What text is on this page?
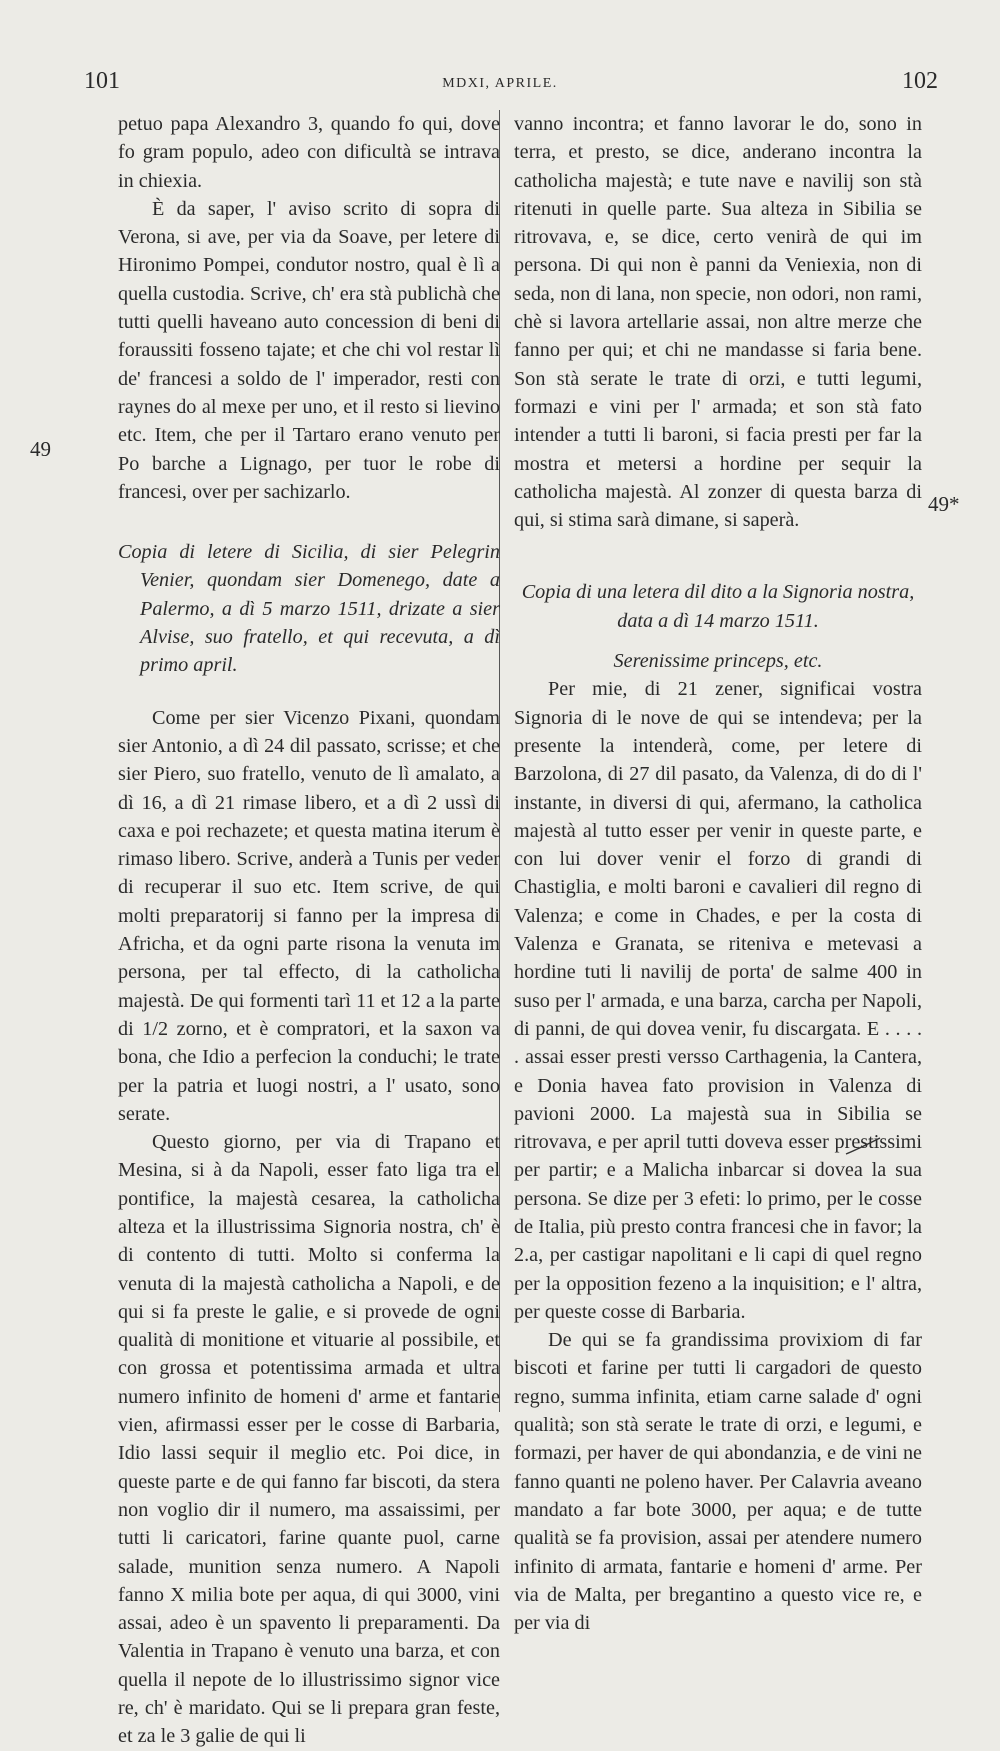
101	MDXI, APRILE.	102
49
49*

petuo papa Alexandro 3, quando fo qui, dove fo gram populo, adeo con dificultà se intrava in chiexia.

È da saper, l' aviso scrito di sopra di Verona, si ave, per via da Soave, per letere di Hironimo Pompei, condutor nostro, qual è lì a quella custodia. Scrive, ch' era stà publichà che tutti quelli haveano auto concession di beni di foraussiti fosseno tajate; et che chi vol restar lì de' francesi a soldo de l' imperador, resti con raynes do al mexe per uno, et il resto si lievino etc. Item, che per il Tartaro erano venuto per Po barche a Lignago, per tuor le robe di francesi, over per sachizarlo.

Copia di letere di Sicilia, di sier Pelegrin Venier, quondam sier Domenego, date a Palermo, a dì 5 marzo 1511, drizate a sier Alvise, suo fratello, et qui recevuta, a dì primo april.

Come per sier Vicenzo Pixani, quondam sier Antonio, a dì 24 dil passato, scrisse; et che sier Piero, suo fratello, venuto de lì amalato, a dì 16, a dì 21 rimase libero, et a dì 2 ussì di caxa e poi rechazete; et questa matina iterum è rimaso libero. Scrive, anderà a Tunis per veder di recuperar il suo etc. Item scrive, de qui molti preparatorij si fanno per la impresa di Africha, et da ogni parte risona la venuta im persona, per tal effecto, di la catholicha majestà. De qui formenti tarì 11 et 12 a la parte di 1/2 zorno, et è compratori, et la saxon va bona, che Idio a perfecion la conduchi; le trate per la patria et luogi nostri, a l' usato, sono serate.

Questo giorno, per via di Trapano et Mesina, si à da Napoli, esser fato liga tra el pontifice, la majestà cesarea, la catholicha alteza et la illustrissima Signoria nostra, ch' è di contento di tutti. Molto si conferma la venuta di la majestà catholicha a Napoli, e de qui si fa preste le galie, e si provede de ogni qualità di monitione et vituarie al possibile, et con grossa et potentissima armada et ultra numero infinito de homeni d' arme et fantarie vien, afirmassi esser per le cosse di Barbaria, Idio lassi sequir il meglio etc. Poi dice, in queste parte e de qui fanno far biscoti, da stera non voglio dir il numero, ma assaissimi, per tutti li caricatori, farine quante puol, carne salade, munition senza numero. A Napoli fanno X milia bote per aqua, di qui 3000, vini assai, adeo è un spavento li preparamenti. Da Valentia in Trapano è venuto una barza, et con quella il nepote de lo illustrissimo signor vice re, ch' è maridato. Qui se li prepara gran feste, et za le 3 galie de qui li

vanno incontra; et fanno lavorar le do, sono in terra, et presto, se dice, anderano incontra la catholicha majestà; e tute nave e navilij son stà ritenuti in quelle parte. Sua alteza in Sibilia se ritrovava, e, se dice, certo venirà de qui im persona. Di qui non è panni da Veniexia, non di seda, non di lana, non specie, non odori, non rami, chè si lavora artellarie assai, non altre merze che fanno per qui; et chi ne mandasse si faria bene. Son stà serate le trate di orzi, e tutti legumi, formazi e vini per l' armada; et son stà fato intender a tutti li baroni, si facia presti per far la mostra et metersi a hordine per sequir la catholicha majestà. Al zonzer di questa barza di qui, si stima sarà dimane, si saperà.

Copia di una letera dil dito a la Signoria nostra, data a dì 14 marzo 1511.

Serenissime princeps, etc.

Per mie, di 21 zener, significai vostra Signoria di le nove de qui se intendeva; per la presente la intenderà, come, per letere di Barzolona, di 27 dil pasato, da Valenza, di do di l' instante, in diversi di qui, afermano, la catholica majestà al tutto esser per venir in queste parte, e con lui dover venir el forzo di grandi di Chastiglia, e molti baroni e cavalieri dil regno di Valenza; e come in Chades, e per la costa di Valenza e Granata, se riteniva e metevasi a hordine tuti li navilij de porta' de salme 400 in suso per l' armada, e una barza, carcha per Napoli, di panni, de qui dovea venir, fu discargata. E . . . . . assai esser presti versso Carthagenia, la Cantera, e Donia havea fato provision in Valenza di pavioni 2000. La majestà sua in Sibilia se ritrovava, e per april tutti doveva esser prestissimi per partir; e a Malicha inbarcar si dovea la sua persona. Se dize per 3 efeti: lo primo, per le cosse de Italia, più presto contra francesi che in favor; la 2.a, per castigar napolitani e li capi di quel regno per la opposition fezeno a la inquisition; e l' altra, per queste cosse di Barbaria.

De qui se fa grandissima provixiom di far biscoti et farine per tutti li cargadori de questo regno, summa infinita, etiam carne salade d' ogni qualità; son stà serate le trate di orzi, e legumi, e formazi, per haver de qui abondanzia, e de vini ne fanno quanti ne poleno haver. Per Calavria aveano mandato a far bote 3000, per aqua; e de tutte qualità se fa provision, assai per atendere numero infinito di armata, fantarie e homeni d' arme. Per via de Malta, per bregantino a questo vice re, e per via di
